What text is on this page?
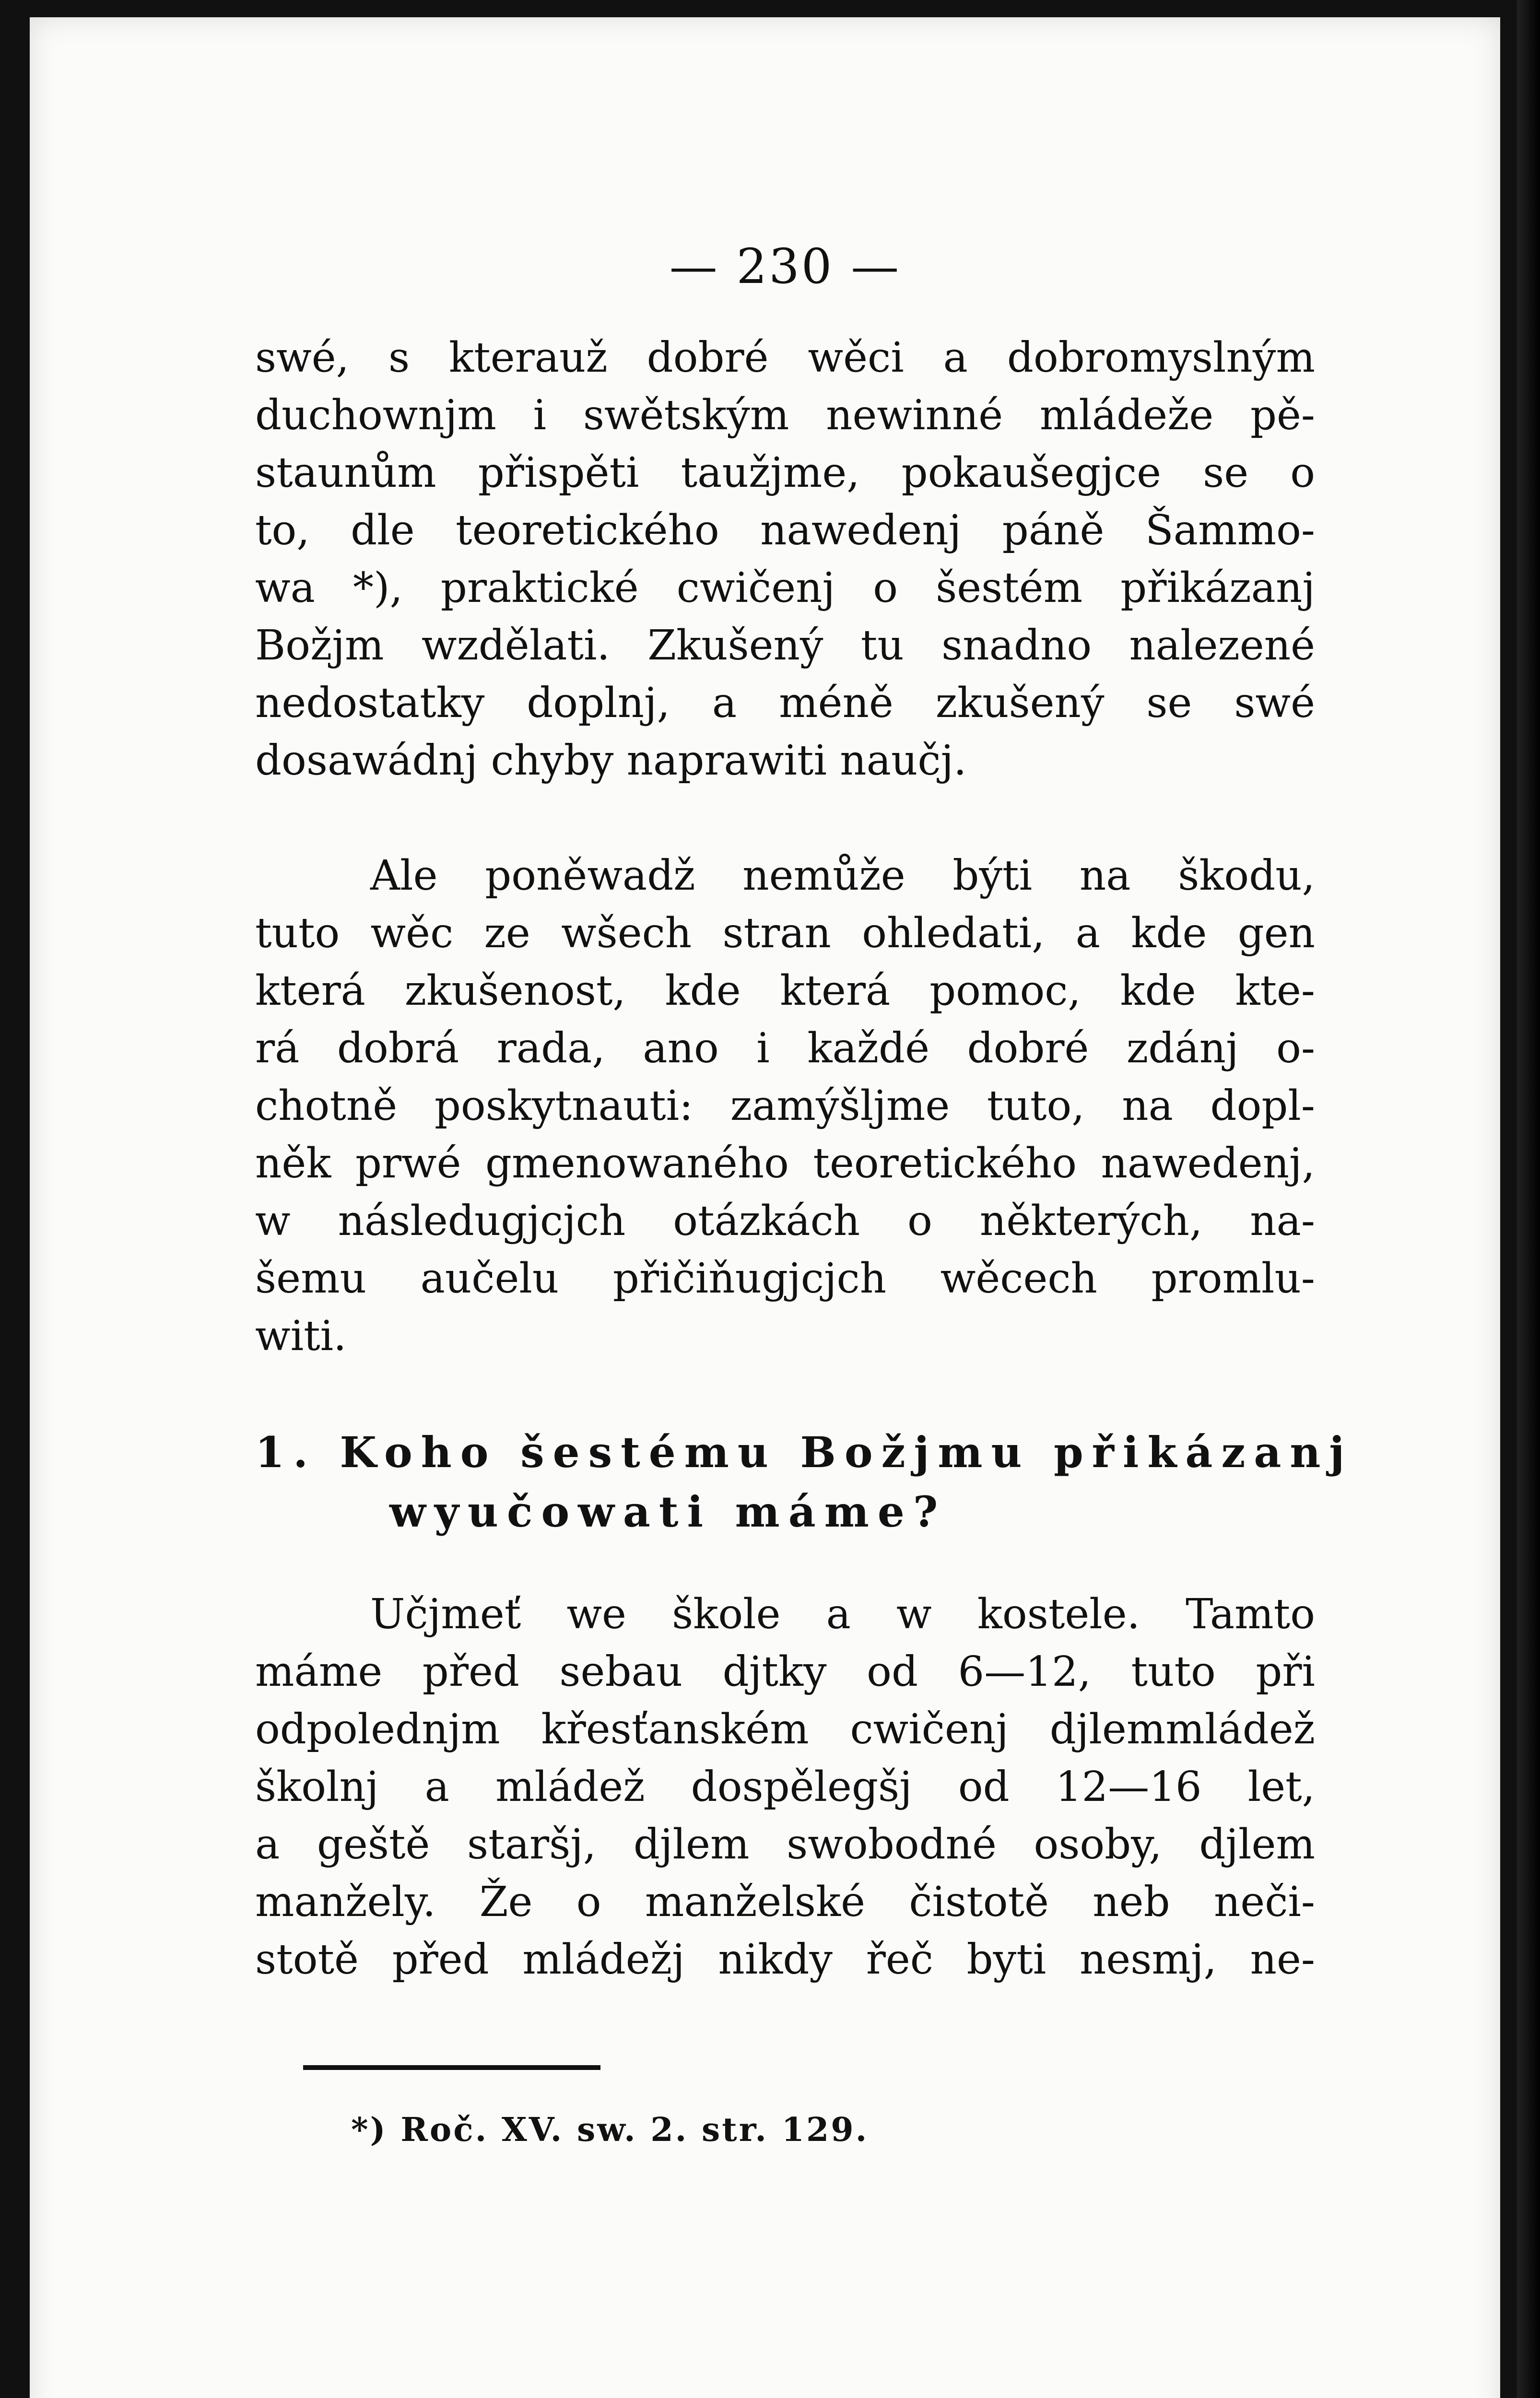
— 230 —
swé, s kterauž dobré wěci a dobromyslným
duchownjm i swětským newinné mládeže pě-
staunům přispěti taužjme, pokaušegjce se o
to, dle teoretického nawedenj páně Šammo-
wa *), praktické cwičenj o šestém přikázanj
Božjm wzdělati. Zkušený tu snadno nalezené
nedostatky doplnj, a méně zkušený se swé
dosawádnj chyby naprawiti naučj.
Ale poněwadž nemůže býti na škodu,
tuto wěc ze wšech stran ohledati, a kde gen
která zkušenost, kde která pomoc, kde kte-
rá dobrá rada, ano i každé dobré zdánj o-
chotně poskytnauti: zamýšljme tuto, na dopl-
něk prwé gmenowaného teoretického nawedenj,
w následugjcjch otázkách o některých, na-
šemu aučelu přičiňugjcjch wěcech promlu-
witi.
1. Koho šestému Božjmu přikázanj
wyučowati máme?
Učjmeť we škole a w kostele. Tamto
máme před sebau djtky od 6—12, tuto při
odpolednjm křesťanském cwičenj djlemmládež
školnj a mládež dospělegšj od 12—16 let,
a geště staršj, djlem swobodné osoby, djlem
manžely. Že o manželské čistotě neb neči-
stotě před mládežj nikdy řeč byti nesmj, ne-
*) Roč. XV. sw. 2. str. 129.
